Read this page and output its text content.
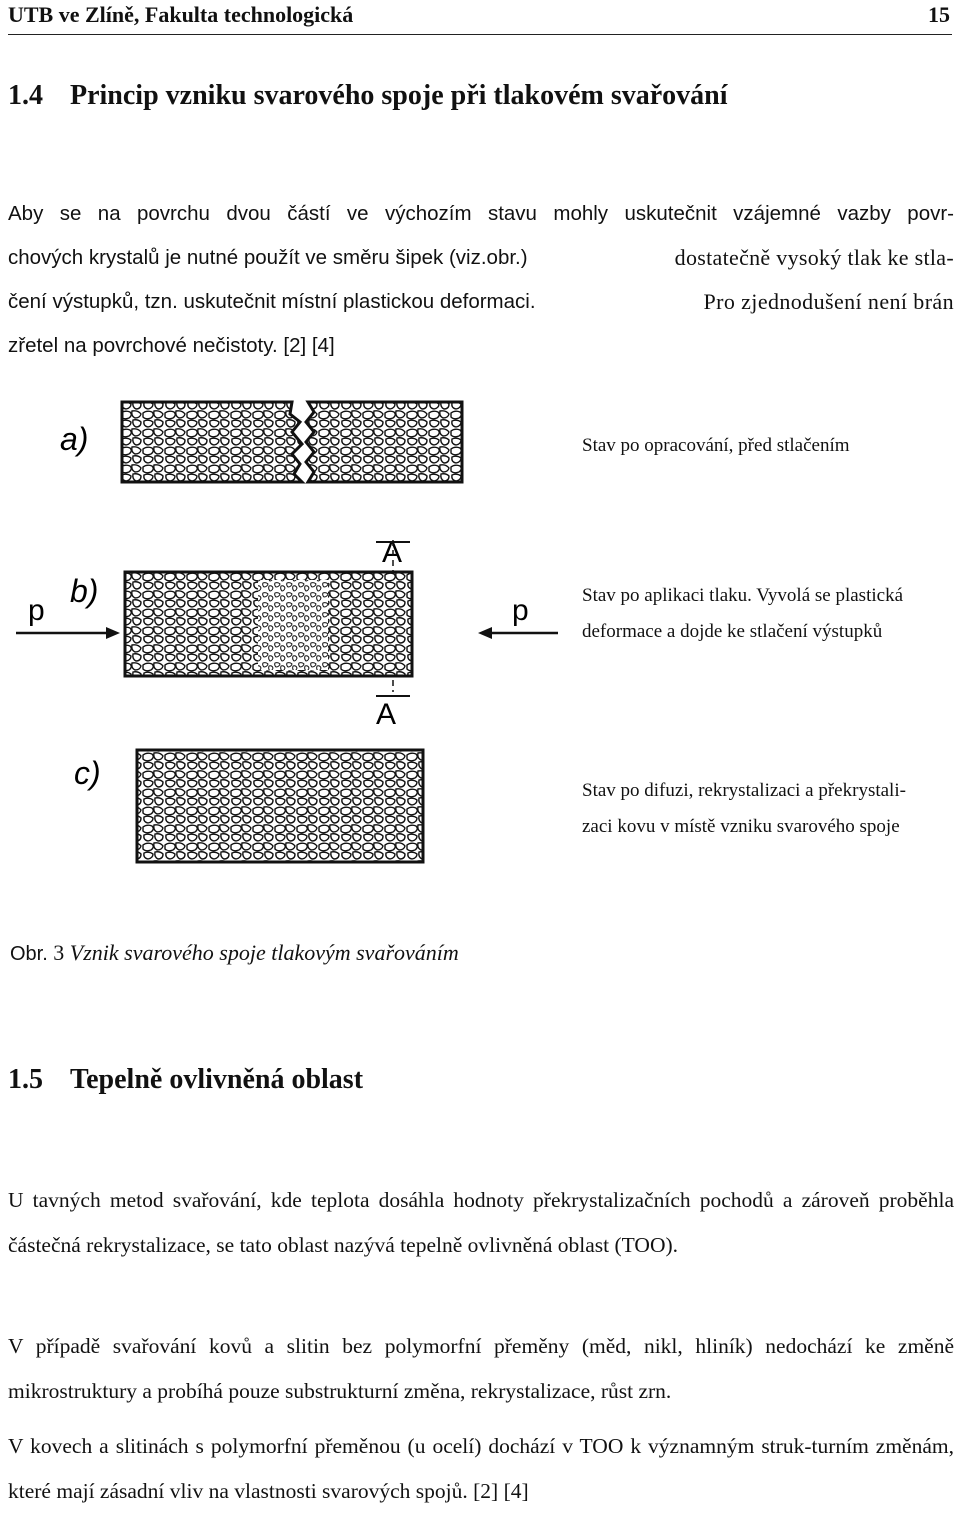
UTB ve Zlíně, Fakulta technologická	15
1.4 Princip vzniku svarového spoje při tlakovém svařování
Aby se na povrchu dvou částí ve výchozím stavu mohly uskutečnit vzájemné vazby povr-
chových krystalů je nutné použít ve směru šipek (viz.obr.)	dostatečně vysoký tlak ke stla-
čení výstupků, tzn. uskutečnit místní plastickou deformaci.	Pro zjednodušení není brán
zřetel na povrchové nečistoty. [2] [4]
a)
A
p
b)
p
A
c)
Stav po opracování, před stlačením
Stav po aplikaci tlaku. Vyvolá se plastická
deformace a dojde ke stlačení výstupků
Stav po difuzi, rekrystalizaci a překrystali-
zaci kovu v místě vzniku svarového spoje
Obr. 3 Vznik svarového spoje tlakovým svařováním
1.5 Tepelně ovlivněná oblast

U tavných metod svařování, kde teplota dosáhla hodnoty překrystalizačních pochodů a zároveň proběhla částečná rekrystalizace, se tato oblast nazývá tepelně ovlivněná oblast (TOO).

V případě svařování kovů a slitin bez polymorfní přeměny (měd, nikl, hliník) nedochází ke změně mikrostruktury a probíhá pouze substrukturní změna, rekrystalizace, růst zrn.

V kovech a slitinách s polymorfní přeměnou (u ocelí) dochází v TOO k významným struk-turním změnám, které mají zásadní vliv na vlastnosti svarových spojů. [2] [4]
